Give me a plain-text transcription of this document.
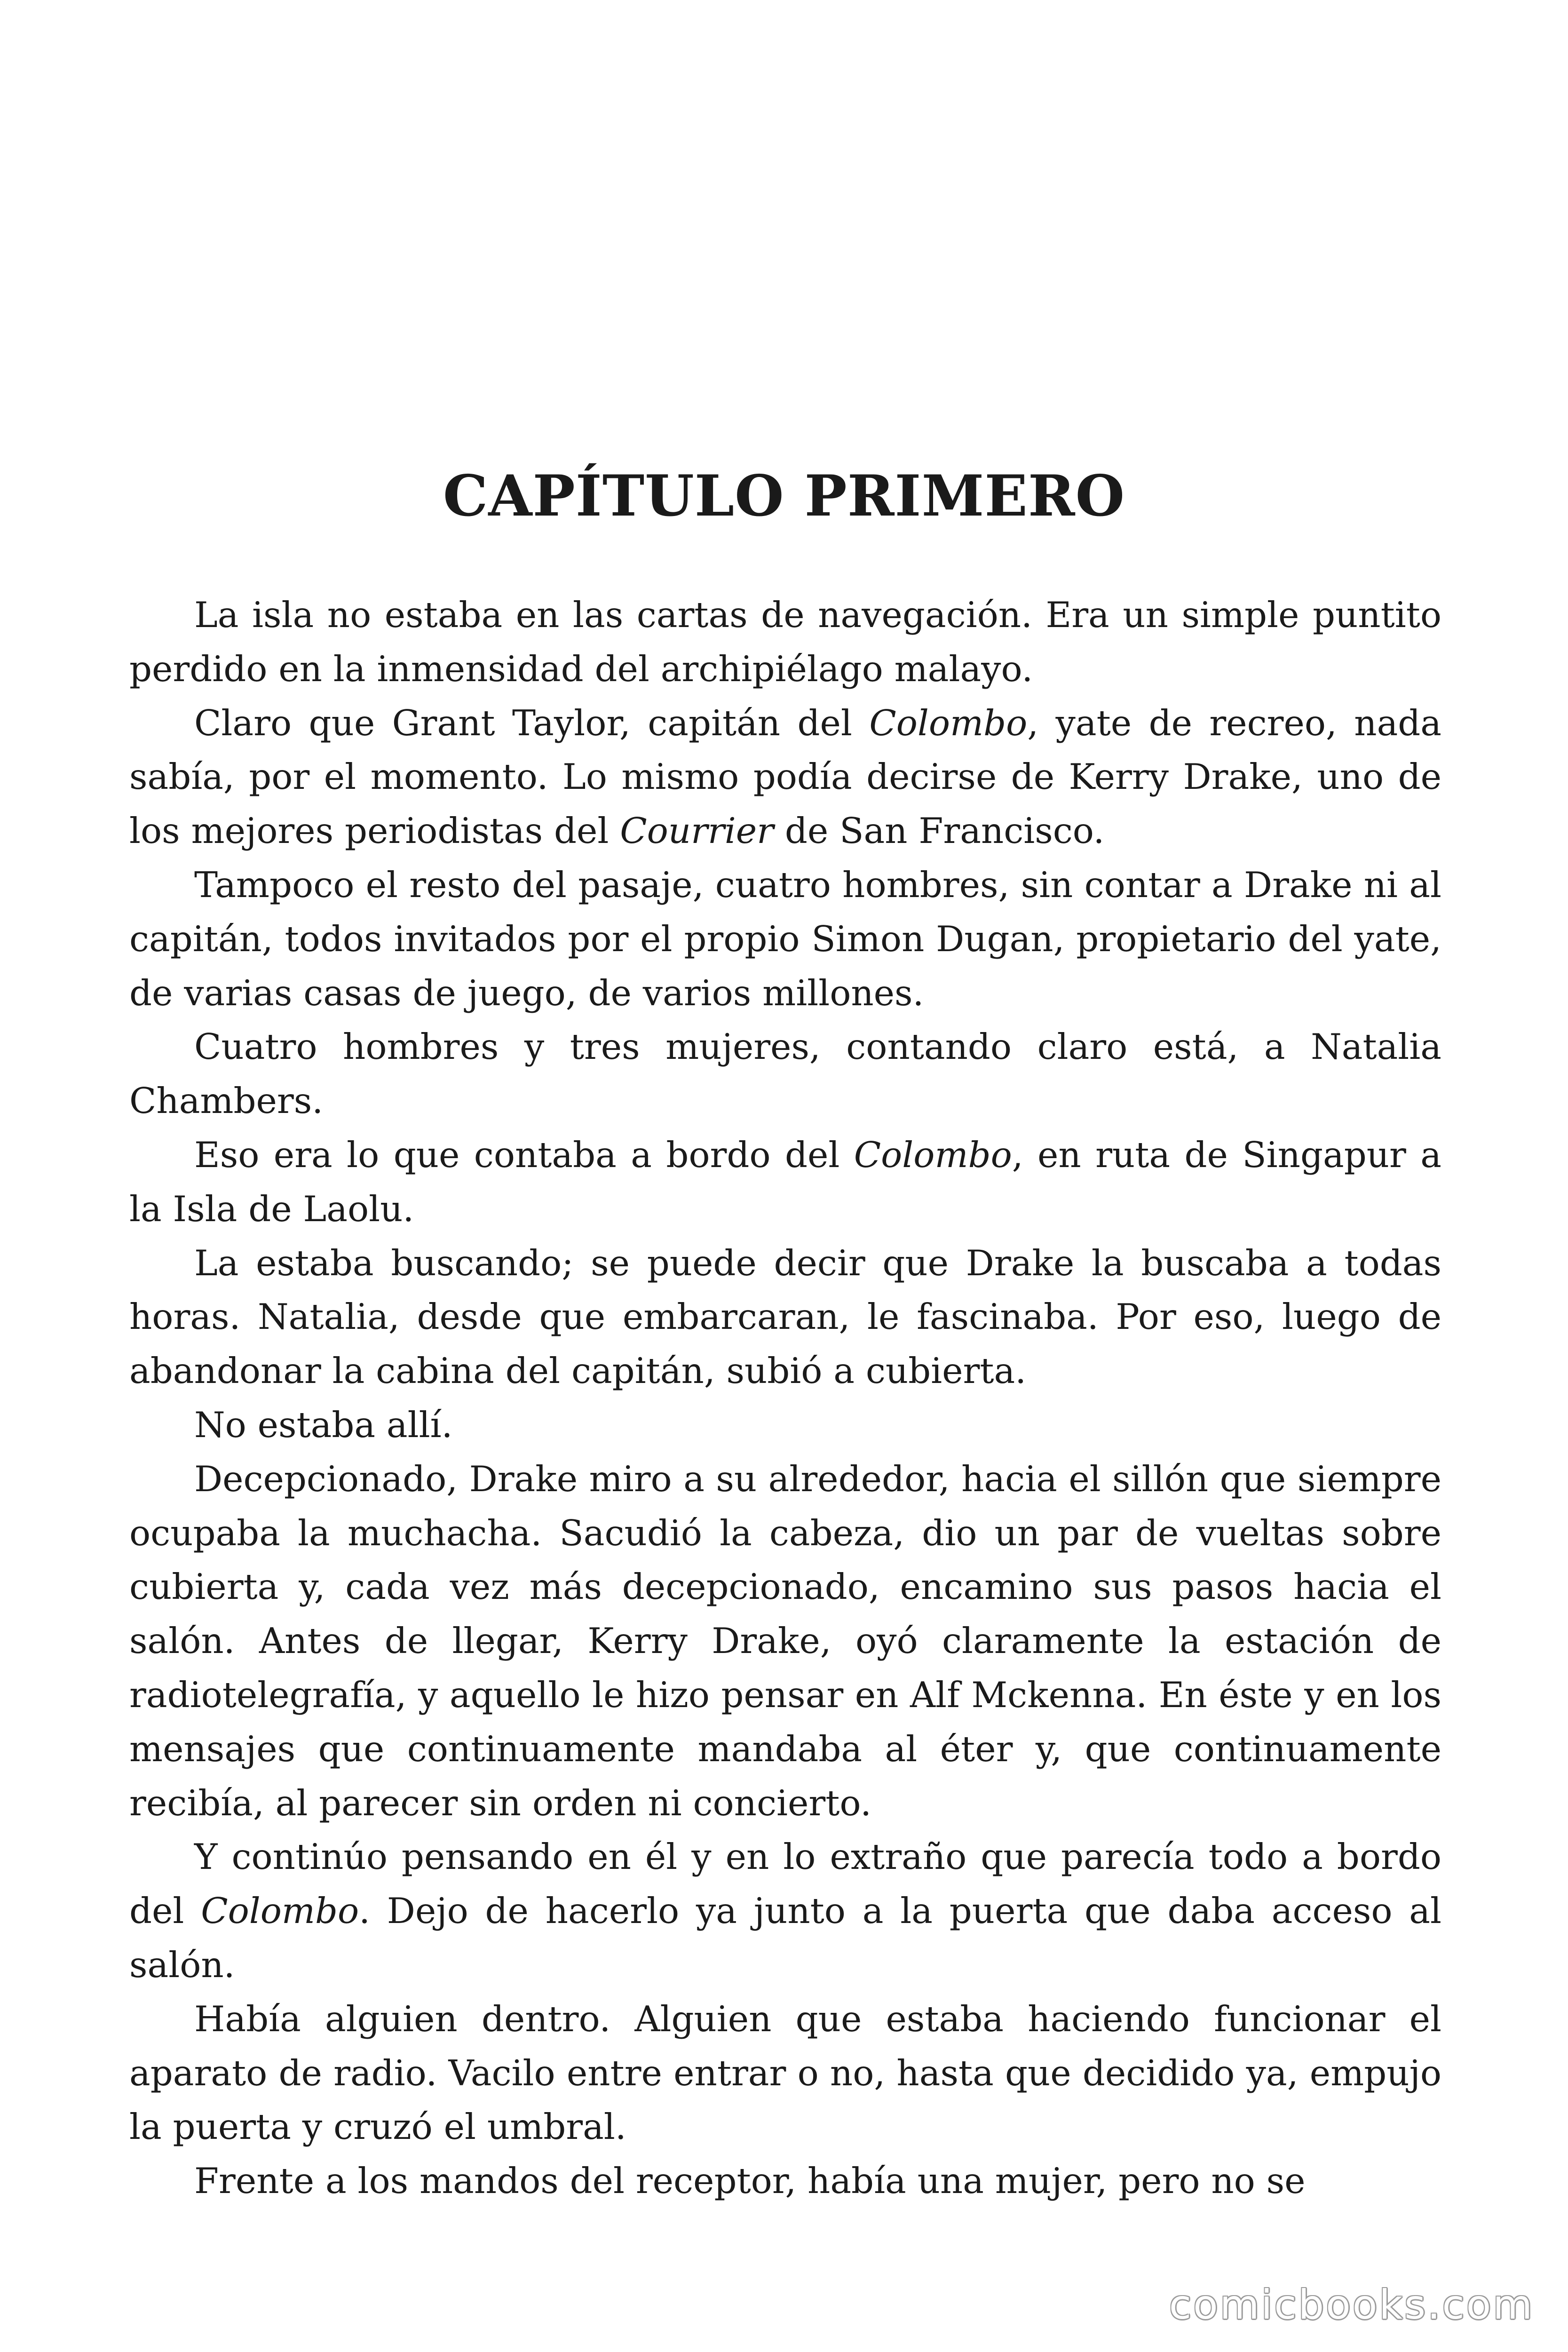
CAPÍTULO PRIMERO

La isla no estaba en las cartas de navegación. Era un simple puntito perdido en la inmensidad del archipiélago malayo.

Claro que Grant Taylor, capitán del Colombo, yate de recreo, nada sabía, por el momento. Lo mismo podía decirse de Kerry Drake, uno de los mejores periodistas del Courrier de San Francisco.

Tampoco el resto del pasaje, cuatro hombres, sin contar a Drake ni al capitán, todos invitados por el propio Simon Dugan, propietario del yate, de varias casas de juego, de varios millones.

Cuatro hombres y tres mujeres, contando claro está, a Natalia Chambers.

Eso era lo que contaba a bordo del Colombo, en ruta de Singapur a la Isla de Laolu.

La estaba buscando; se puede decir que Drake la buscaba a todas horas. Natalia, desde que embarcaran, le fascinaba. Por eso, luego de abandonar la cabina del capitán, subió a cubierta.

No estaba allí.

Decepcionado, Drake miro a su alrededor, hacia el sillón que siempre ocupaba la muchacha. Sacudió la cabeza, dio un par de vueltas sobre cubierta y, cada vez más decepcionado, encamino sus pasos hacia el salón. Antes de llegar, Kerry Drake, oyó claramente la estación de radiotelegrafía, y aquello le hizo pensar en Alf Mckenna. En éste y en los mensajes que continuamente mandaba al éter y, que continuamente recibía, al parecer sin orden ni concierto.

Y continúo pensando en él y en lo extraño que parecía todo a bordo del Colombo. Dejo de hacerlo ya junto a la puerta que daba acceso al salón.

Había alguien dentro. Alguien que estaba haciendo funcionar el aparato de radio. Vacilo entre entrar o no, hasta que decidido ya, empujo la puerta y cruzó el umbral.

Frente a los mandos del receptor, había una mujer, pero no se

comicbooks.com
